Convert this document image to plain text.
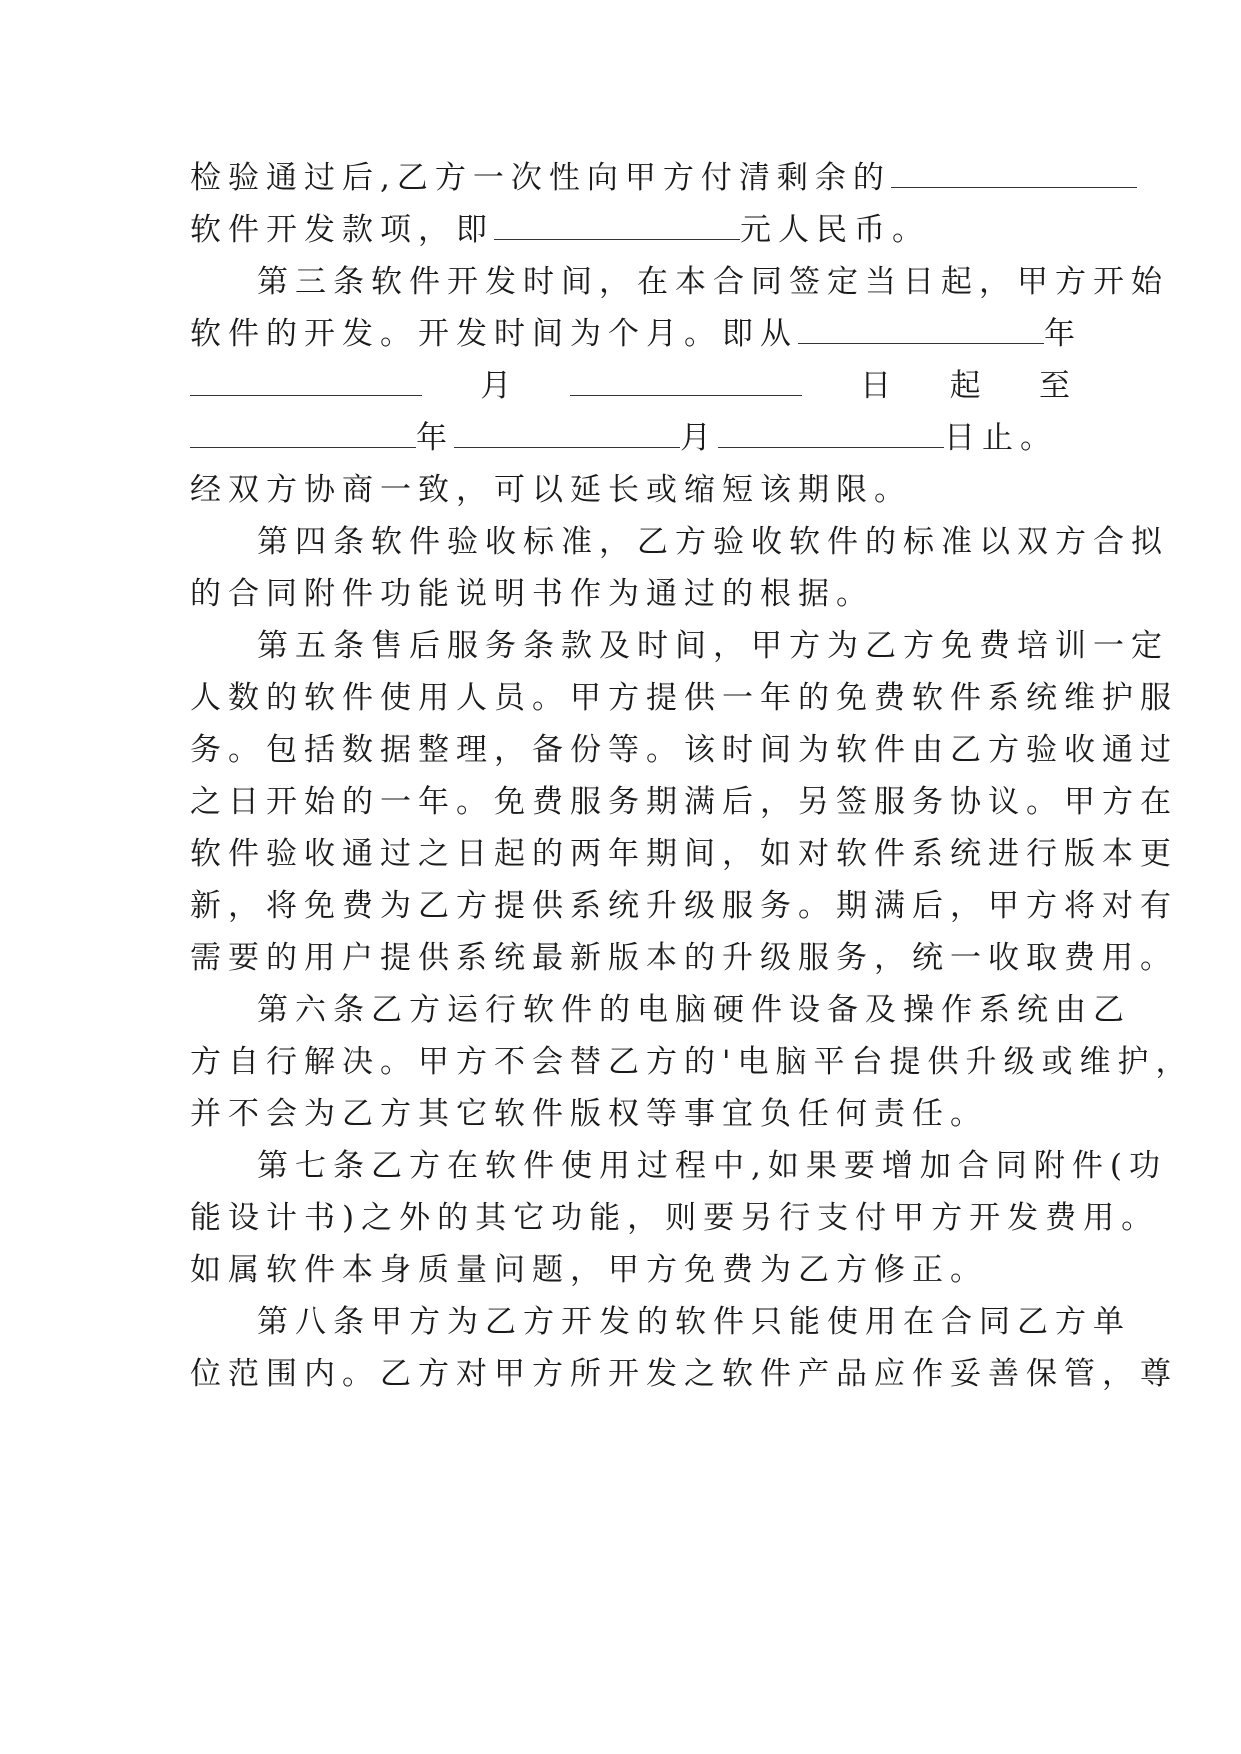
检验通过后,乙方一次性向甲方付清剩余的
软件开发款项，即	元人民币。
第三条软件开发时间，在本合同签定当日起，甲方开始
软件的开发。开发时间为个月。即从	年
月	日 起 至
年	月	日止。
经双方协商一致，可以延长或缩短该期限。
第四条软件验收标准，乙方验收软件的标准以双方合拟
的合同附件功能说明书作为通过的根据。
第五条售后服务条款及时间，甲方为乙方免费培训一定
人数的软件使用人员。甲方提供一年的免费软件系统维护服
务。包括数据整理，备份等。该时间为软件由乙方验收通过
之日开始的一年。免费服务期满后，另签服务协议。甲方在
软件验收通过之日起的两年期间，如对软件系统进行版本更
新，将免费为乙方提供系统升级服务。期满后，甲方将对有
需要的用户提供系统最新版本的升级服务，统一收取费用。
第六条乙方运行软件的电脑硬件设备及操作系统由乙
方自行解决。甲方不会替乙方的'电脑平台提供升级或维护，
并不会为乙方其它软件版权等事宜负任何责任。
第七条乙方在软件使用过程中,如果要增加合同附件(功
能设计书)之外的其它功能，则要另行支付甲方开发费用。
如属软件本身质量问题，甲方免费为乙方修正。
第八条甲方为乙方开发的软件只能使用在合同乙方单
位范围内。乙方对甲方所开发之软件产品应作妥善保管，尊
